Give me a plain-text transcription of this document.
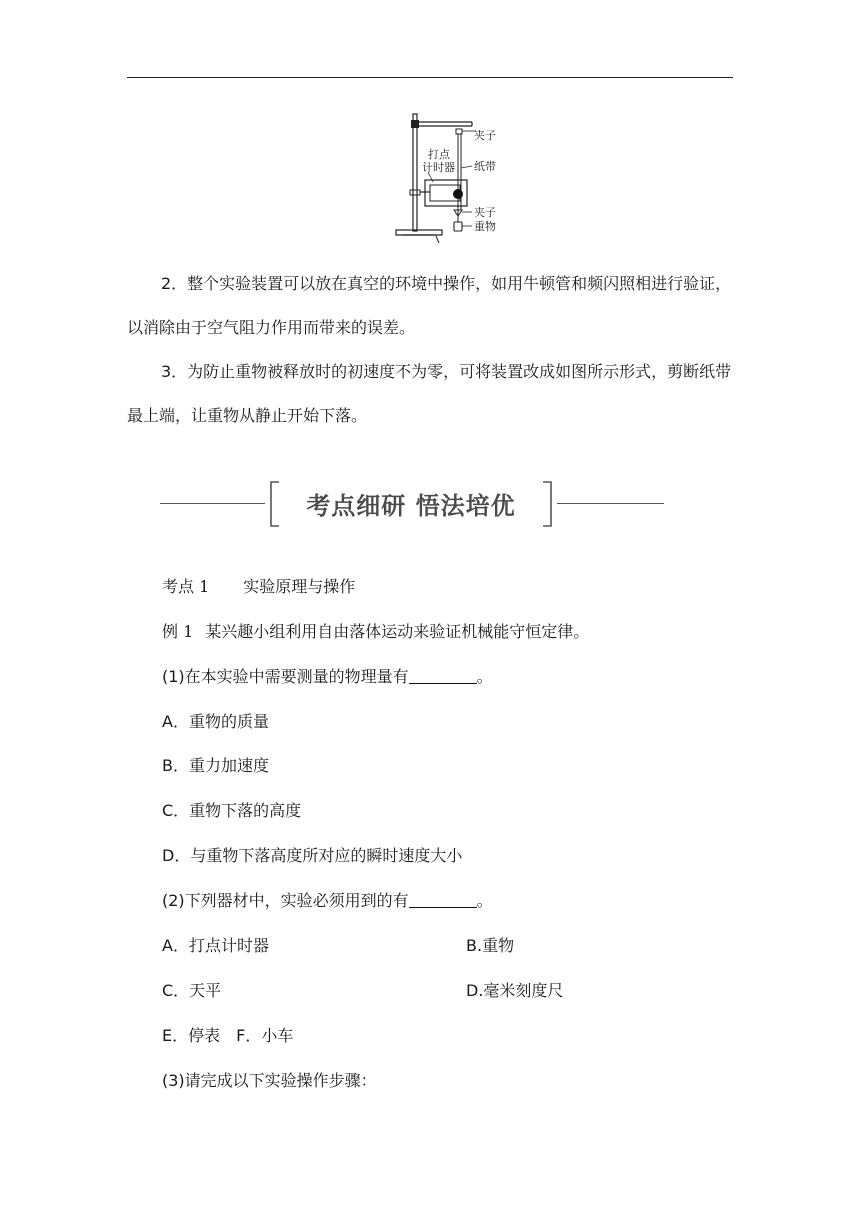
夹子
打点
计时器 纸带
夹子
重物

2．整个实验装置可以放在真空的环境中操作，如用牛顿管和频闪照相进行验证，以消除由于空气阻力作用而带来的误差。

3．为防止重物被释放时的初速度不为零，可将装置改成如图所示形式，剪断纸带最上端，让重物从静止开始下落。

考点细研 悟法培优
考点 1 实验原理与操作
例 1 某兴趣小组利用自由落体运动来验证机械能守恒定律。
(1)在本实验中需要测量的物理量有	。
A．重物的质量
B．重力加速度
C．重物下落的高度
D．与重物下落高度所对应的瞬时速度大小
(2)下列器材中，实验必须用到的有	。
A．打点计时器	B.重物
C．天平	D.毫米刻度尺
E．停表　F．小车
(3)请完成以下实验操作步骤：
